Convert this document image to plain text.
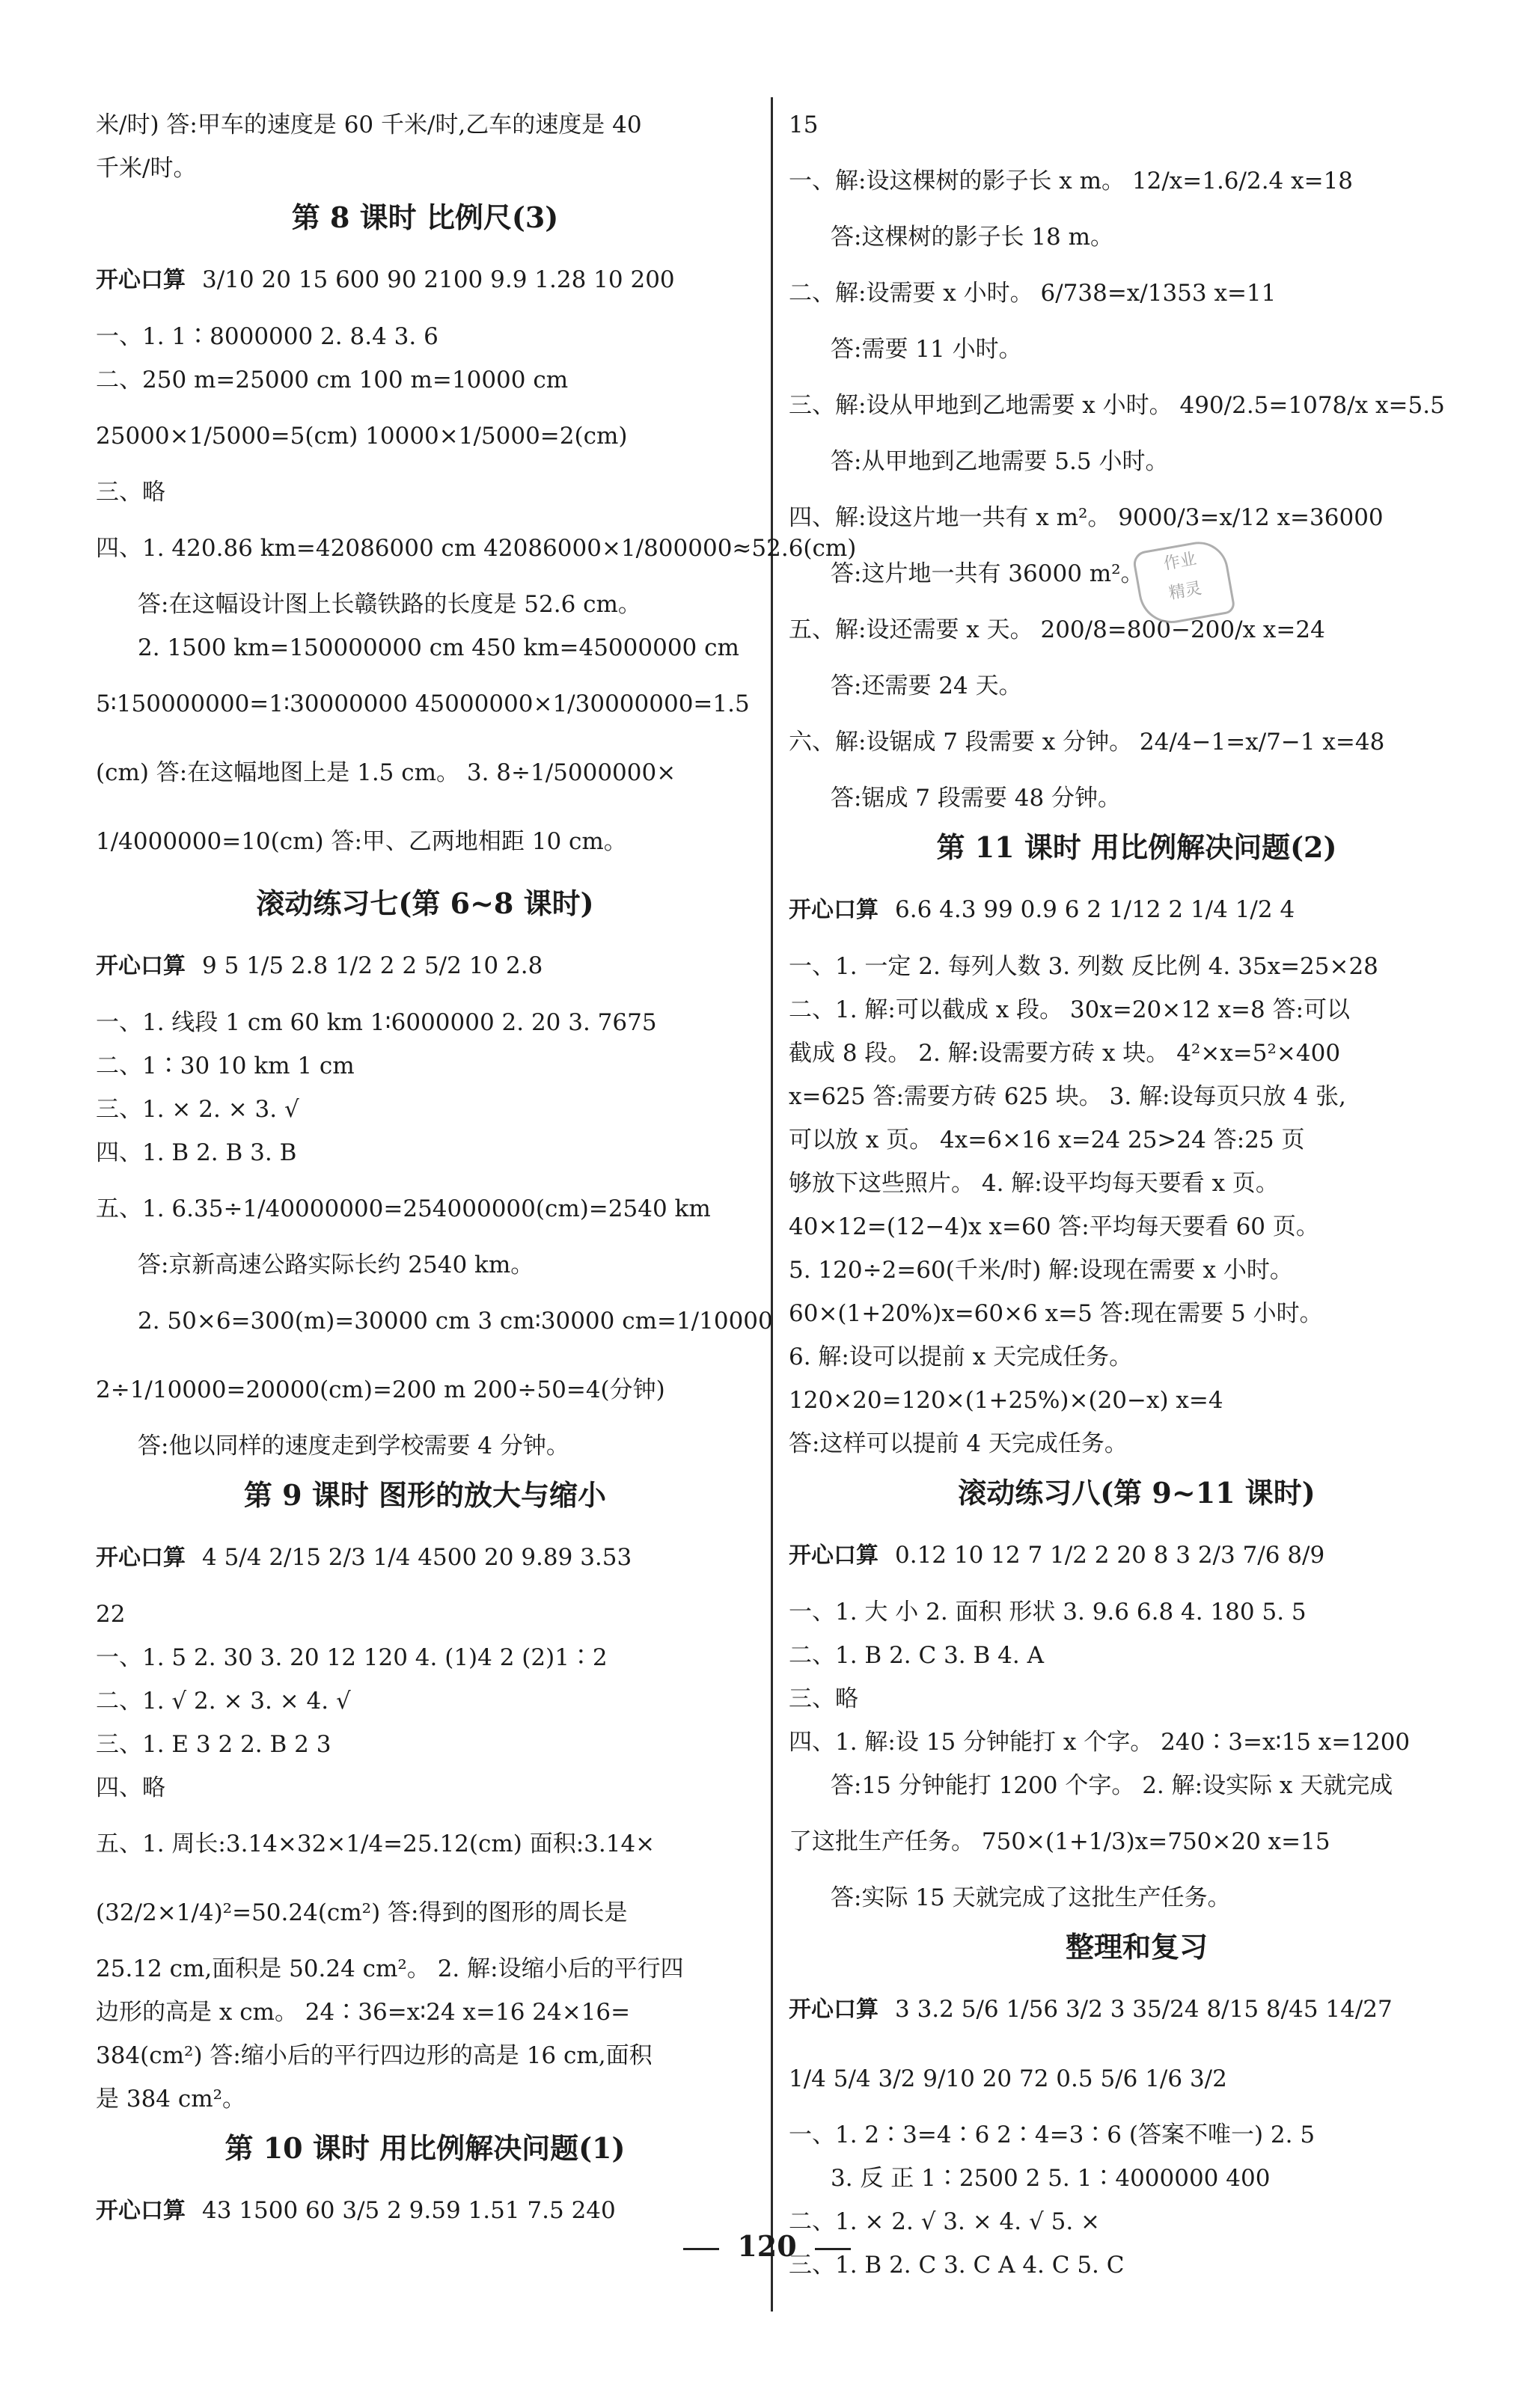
米/时) 答:甲车的速度是 60 千米/时,乙车的速度是 40
千米/时。
第 8 课时 比例尺(3)
开心口算 3/10 20 15 600 90 2100 9.9 1.28 10 200
一、1. 1∶8000000 2. 8.4 3. 6
二、250 m=25000 cm 100 m=10000 cm
25000×1/5000=5(cm) 10000×1/5000=2(cm)
三、略
四、1. 420.86 km=42086000 cm 42086000×1/800000≈52.6(cm)
答:在这幅设计图上长赣铁路的长度是 52.6 cm。
2. 1500 km=150000000 cm 450 km=45000000 cm
5∶150000000=1∶30000000 45000000×1/30000000=1.5
(cm) 答:在这幅地图上是 1.5 cm。 3. 8÷1/5000000×
1/4000000=10(cm) 答:甲、乙两地相距 10 cm。
滚动练习七(第 6~8 课时)
开心口算 9 5 1/5 2.8 1/2 2 2 5/2 10 2.8
一、1. 线段 1 cm 60 km 1∶6000000 2. 20 3. 7675
二、1∶30 10 km 1 cm
三、1. × 2. × 3. √
四、1. B 2. B 3. B
五、1. 6.35÷1/40000000=254000000(cm)=2540 km
答:京新高速公路实际长约 2540 km。
2. 50×6=300(m)=30000 cm 3 cm∶30000 cm=1/10000
2÷1/10000=20000(cm)=200 m 200÷50=4(分钟)
答:他以同样的速度走到学校需要 4 分钟。
第 9 课时 图形的放大与缩小
开心口算 4 5/4 2/15 2/3 1/4 4500 20 9.89 3.53
22
一、1. 5 2. 30 3. 20 12 120 4. (1)4 2 (2)1∶2
二、1. √ 2. × 3. × 4. √
三、1. E 3 2 2. B 2 3
四、略
五、1. 周长:3.14×32×1/4=25.12(cm) 面积:3.14×
(32/2×1/4)²=50.24(cm²) 答:得到的图形的周长是
25.12 cm,面积是 50.24 cm²。 2. 解:设缩小后的平行四
边形的高是 x cm。 24∶36=x∶24 x=16 24×16=
384(cm²) 答:缩小后的平行四边形的高是 16 cm,面积
是 384 cm²。
第 10 课时 用比例解决问题(1)
开心口算 43 1500 60 3/5 2 9.59 1.51 7.5 240
15
一、解:设这棵树的影子长 x m。 12/x=1.6/2.4 x=18
答:这棵树的影子长 18 m。
二、解:设需要 x 小时。 6/738=x/1353 x=11
答:需要 11 小时。
三、解:设从甲地到乙地需要 x 小时。 490/2.5=1078/x x=5.5
答:从甲地到乙地需要 5.5 小时。
四、解:设这片地一共有 x m²。 9000/3=x/12 x=36000
答:这片地一共有 36000 m²。
五、解:设还需要 x 天。 200/8=800−200/x x=24
答:还需要 24 天。
六、解:设锯成 7 段需要 x 分钟。 24/4−1=x/7−1 x=48
答:锯成 7 段需要 48 分钟。
第 11 课时 用比例解决问题(2)
开心口算 6.6 4.3 99 0.9 6 2 1/12 2 1/4 1/2 4
一、1. 一定 2. 每列人数 3. 列数 反比例 4. 35x=25×28
二、1. 解:可以截成 x 段。 30x=20×12 x=8 答:可以
截成 8 段。 2. 解:设需要方砖 x 块。 4²×x=5²×400
x=625 答:需要方砖 625 块。 3. 解:设每页只放 4 张,
可以放 x 页。 4x=6×16 x=24 25>24 答:25 页
够放下这些照片。 4. 解:设平均每天要看 x 页。
40×12=(12−4)x x=60 答:平均每天要看 60 页。
5. 120÷2=60(千米/时) 解:设现在需要 x 小时。
60×(1+20%)x=60×6 x=5 答:现在需要 5 小时。
6. 解:设可以提前 x 天完成任务。
120×20=120×(1+25%)×(20−x) x=4
答:这样可以提前 4 天完成任务。
滚动练习八(第 9~11 课时)
开心口算 0.12 10 12 7 1/2 2 20 8 3 2/3 7/6 8/9
一、1. 大 小 2. 面积 形状 3. 9.6 6.8 4. 180 5. 5
二、1. B 2. C 3. B 4. A
三、略
四、1. 解:设 15 分钟能打 x 个字。 240∶3=x∶15 x=1200
答:15 分钟能打 1200 个字。 2. 解:设实际 x 天就完成
了这批生产任务。 750×(1+1/3)x=750×20 x=15
答:实际 15 天就完成了这批生产任务。
整理和复习
开心口算 3 3.2 5/6 1/56 3/2 3 35/24 8/15 8/45 14/27
1/4 5/4 3/2 9/10 20 72 0.5 5/6 1/6 3/2
一、1. 2∶3=4∶6 2∶4=3∶6 (答案不唯一) 2. 5
3. 反 正 1∶2500 2 5. 1∶4000000 400
二、1. × 2. √ 3. × 4. √ 5. ×
三、1. B 2. C 3. C A 4. C 5. C
作业
精灵
120
